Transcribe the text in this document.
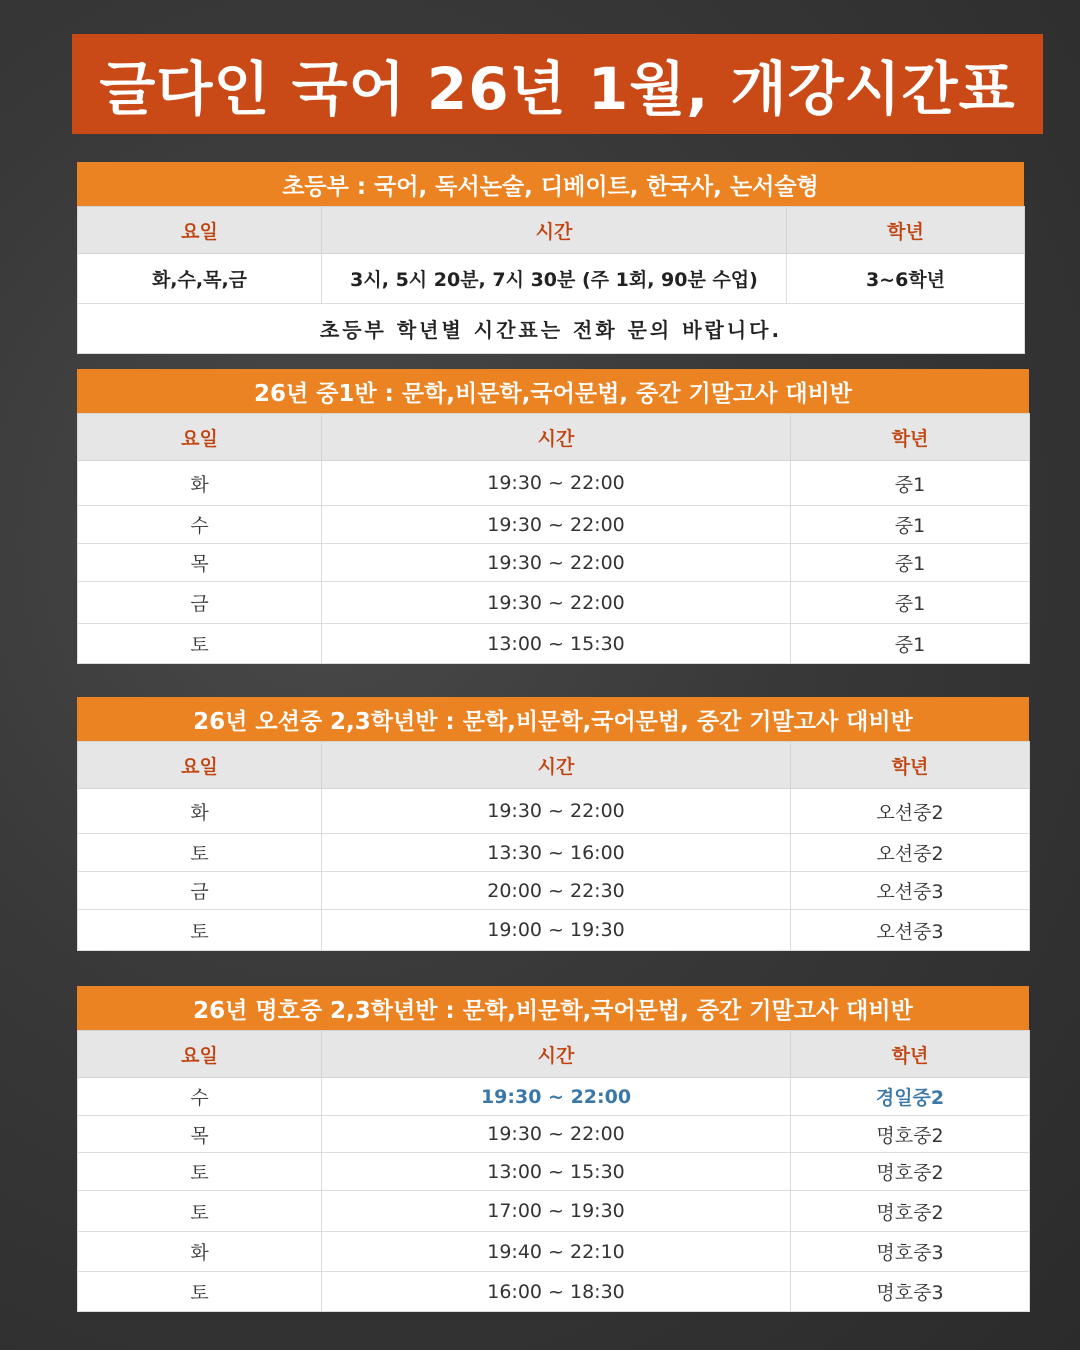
글다인 국어 26년 1월, 개강시간표
초등부 : 국어, 독서논술, 디베이트, 한국사, 논서술형
요일	시간	학년
화,수,목,금	3시, 5시 20분, 7시 30분 (주 1회, 90분 수업)	3~6학년
초등부 학년별 시간표는 전화 문의 바랍니다.		
26년 중1반 : 문학,비문학,국어문법, 중간 기말고사 대비반
요일	시간	학년
화	19:30 ~ 22:00	중1
수	19:30 ~ 22:00	중1
목	19:30 ~ 22:00	중1
금	19:30 ~ 22:00	중1
토	13:00 ~ 15:30	중1
26년 오션중 2,3학년반 : 문학,비문학,국어문법, 중간 기말고사 대비반
요일	시간	학년
화	19:30 ~ 22:00	오션중2
토	13:30 ~ 16:00	오션중2
금	20:00 ~ 22:30	오션중3
토	19:00 ~ 19:30	오션중3
26년 명호중 2,3학년반 : 문학,비문학,국어문법, 중간 기말고사 대비반
요일	시간	학년
수	19:30 ~ 22:00	경일중2
목	19:30 ~ 22:00	명호중2
토	13:00 ~ 15:30	명호중2
토	17:00 ~ 19:30	명호중2
화	19:40 ~ 22:10	명호중3
토	16:00 ~ 18:30	명호중3
